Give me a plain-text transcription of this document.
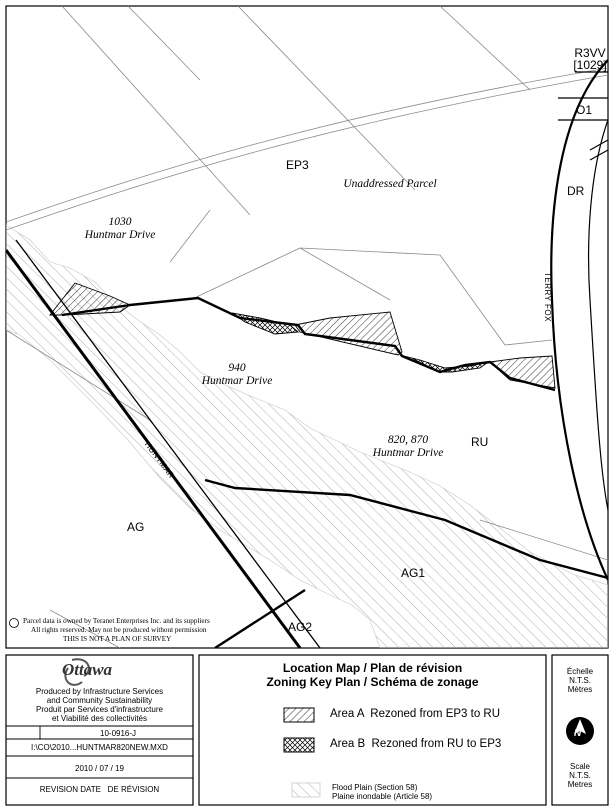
R3VV
[1029]
O1
EP3
DR
RU
AG
AG1
AG2
Unaddressed Parcel
1030
Huntmar Drive
940
Huntmar Drive
820, 870
Huntmar Drive
HUNTMAR
TERRY FOX
Parcel data is owned by Teranet Enterprises Inc. and its suppliers
All rights reserved. May not be produced without permission
THIS IS NOT A PLAN OF SURVEY
Ottawa
Produced by Infrastructure Services
and Community Sustainability
Produit par Services d'infrastructure
et Viabilité des collectivités
10-0916-J
I:\CO\2010...HUNTMAR820NEW.MXD
2010 / 07 / 19
REVISION DATE   DE RÉVISION
Location Map / Plan de révision
Zoning Key Plan / Schéma de zonage
Area A  Rezoned from EP3 to RU
Area B  Rezoned from RU to EP3
Flood Plain (Section 58)
Plaine inondable (Article 58)
Échelle
N.T.S.
Mètres
N
Scale
N.T.S.
Metres
